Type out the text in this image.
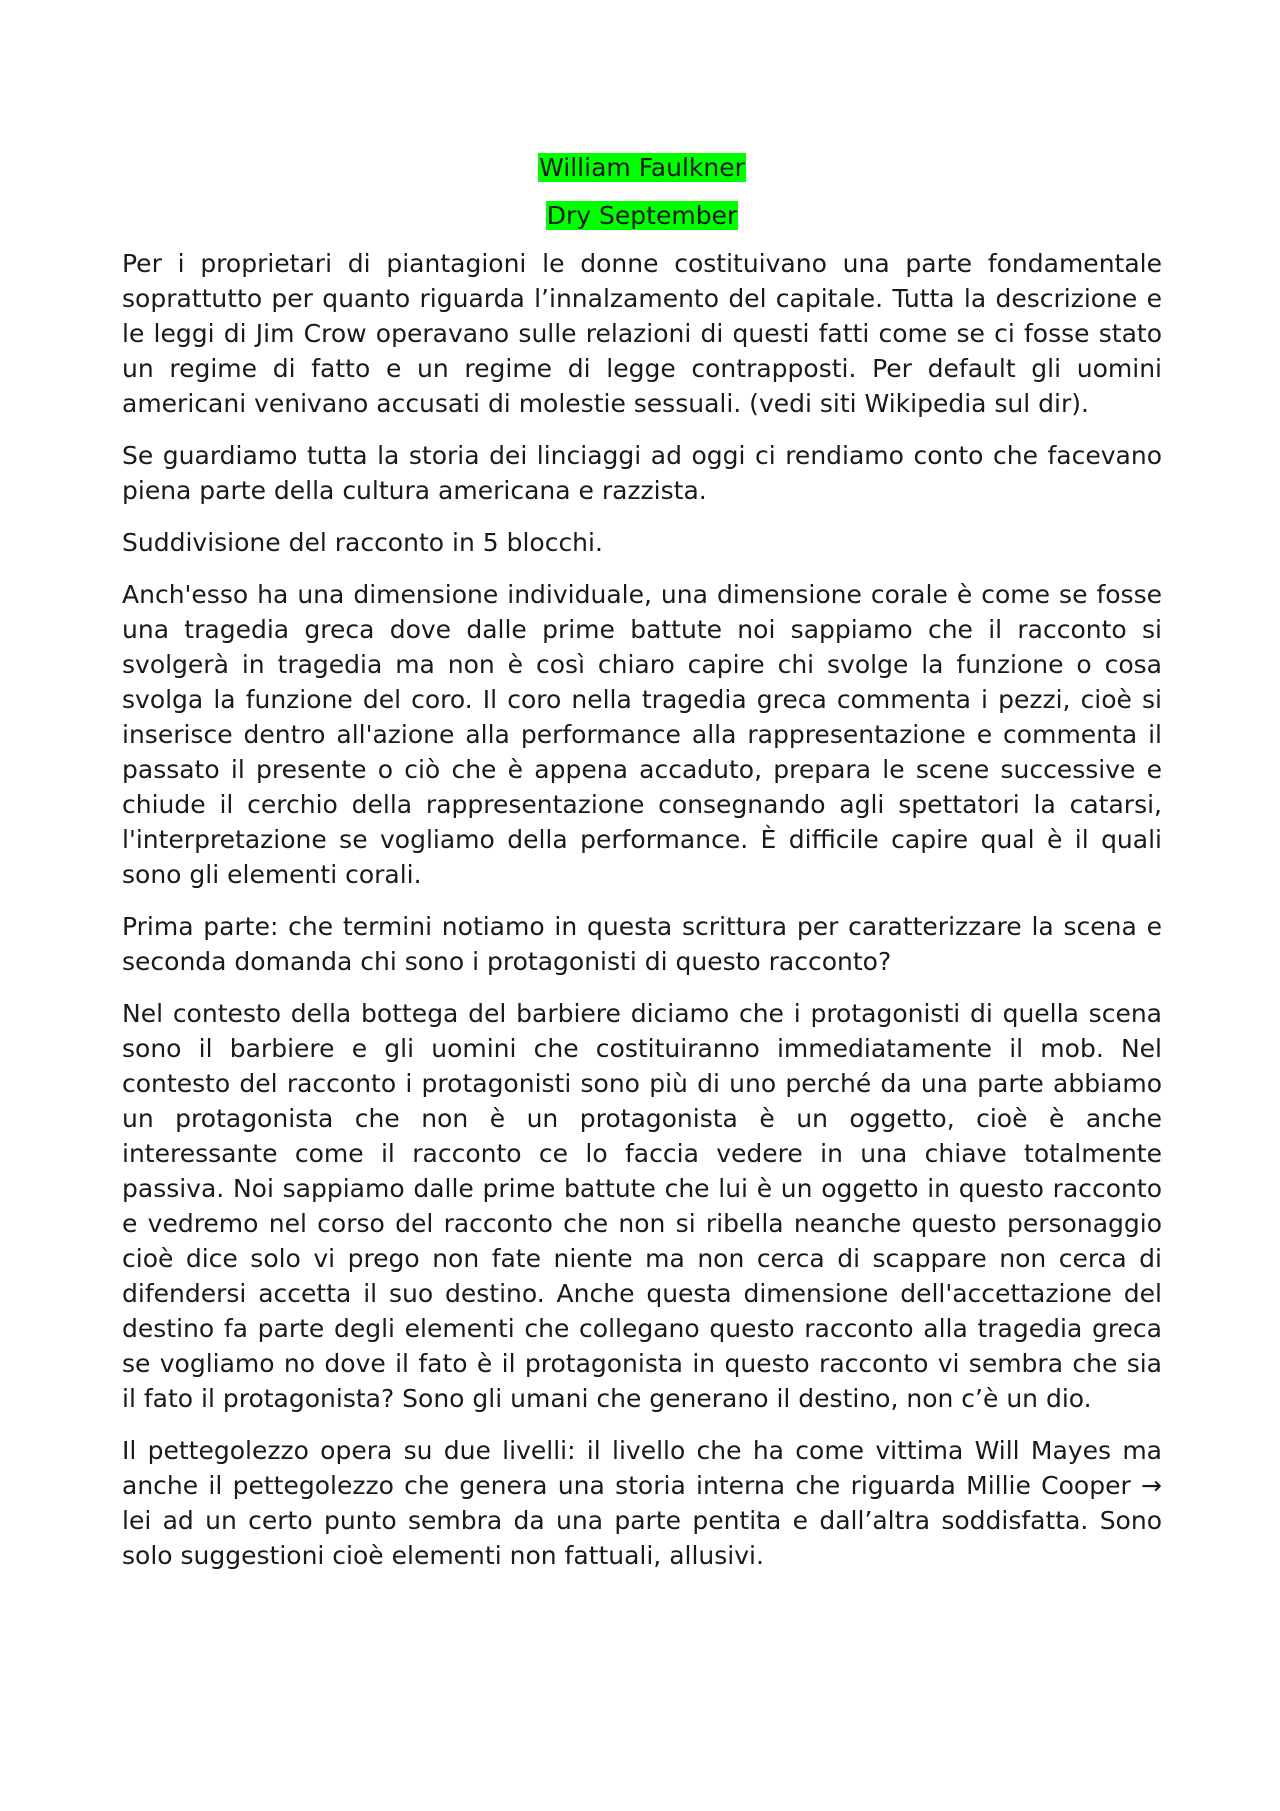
William Faulkner
Dry September

Per i proprietari di piantagioni le donne costituivano una parte fondamentale soprattutto per quanto riguarda l’innalzamento del capitale. Tutta la descrizione e le leggi di Jim Crow operavano sulle relazioni di questi fatti come se ci fosse stato un regime di fatto e un regime di legge contrapposti. Per default gli uomini americani venivano accusati di molestie sessuali. (vedi siti Wikipedia sul dir).

Se guardiamo tutta la storia dei linciaggi ad oggi ci rendiamo conto che facevano piena parte della cultura americana e razzista.

Suddivisione del racconto in 5 blocchi.

Anch'esso ha una dimensione individuale, una dimensione corale è come se fosse una tragedia greca dove dalle prime battute noi sappiamo che il racconto si svolgerà in tragedia ma non è così chiaro capire chi svolge la funzione o cosa svolga la funzione del coro. Il coro nella tragedia greca commenta i pezzi, cioè si inserisce dentro all'azione alla performance alla rappresentazione e commenta il passato il presente o ciò che è appena accaduto, prepara le scene successive e chiude il cerchio della rappresentazione consegnando agli spettatori la catarsi, l'interpretazione se vogliamo della performance. È difficile capire qual è il quali sono gli elementi corali.

Prima parte: che termini notiamo in questa scrittura per caratterizzare la scena e seconda domanda chi sono i protagonisti di questo racconto?

Nel contesto della bottega del barbiere diciamo che i protagonisti di quella scena sono il barbiere e gli uomini che costituiranno immediatamente il mob. Nel contesto del racconto i protagonisti sono più di uno perché da una parte abbiamo un protagonista che non è un protagonista è un oggetto, cioè è anche interessante come il racconto ce lo faccia vedere in una chiave totalmente passiva. Noi sappiamo dalle prime battute che lui è un oggetto in questo racconto e vedremo nel corso del racconto che non si ribella neanche questo personaggio cioè dice solo vi prego non fate niente ma non cerca di scappare non cerca di difendersi accetta il suo destino. Anche questa dimensione dell'accettazione del destino fa parte degli elementi che collegano questo racconto alla tragedia greca se vogliamo no dove il fato è il protagonista in questo racconto vi sembra che sia il fato il protagonista? Sono gli umani che generano il destino, non c’è un dio.

Il pettegolezzo opera su due livelli: il livello che ha come vittima Will Mayes ma anche il pettegolezzo che genera una storia interna che riguarda Millie Cooper → lei ad un certo punto sembra da una parte pentita e dall’altra soddisfatta. Sono solo suggestioni cioè elementi non fattuali, allusivi.
